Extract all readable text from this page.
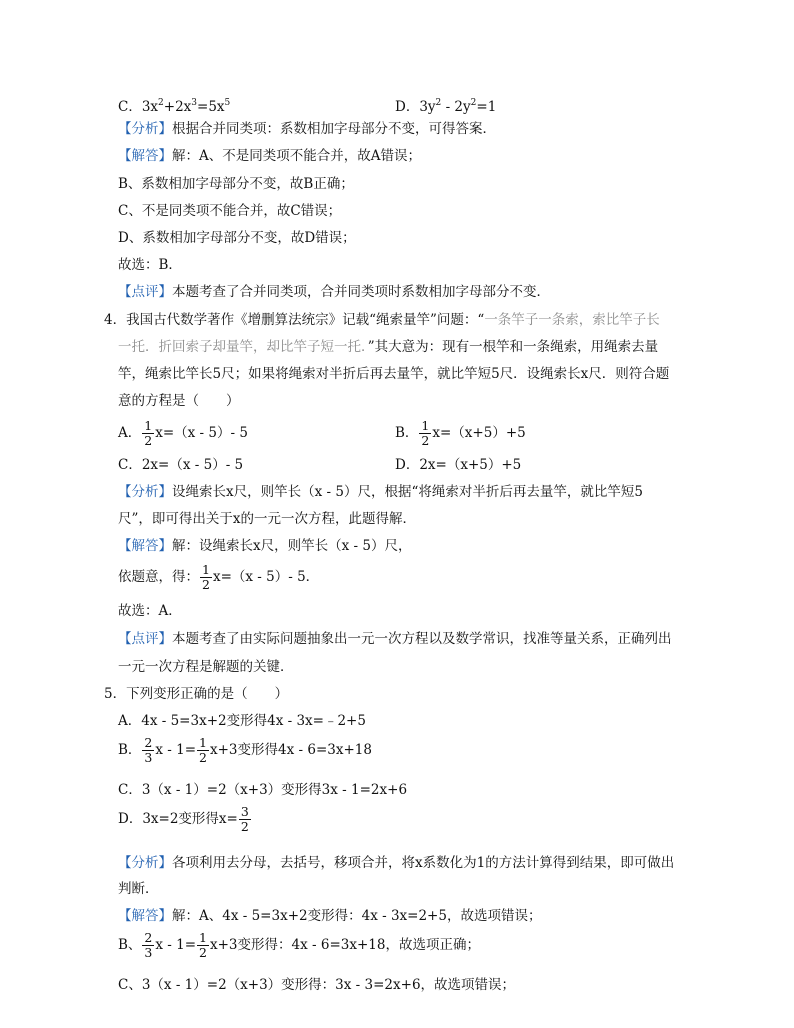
C．$3x^2+2x^3=5x^5$	D．$3y^2 - 2y^2=1$
【分析】根据合并同类项：系数相加字母部分不变，可得答案．
【解答】解：A、不是同类项不能合并，故A错误；
B、系数相加字母部分不变，故B正确；
C、不是同类项不能合并，故C错误；
D、系数相加字母部分不变，故D错误；
故选：B．
【点评】本题考查了合并同类项，合并同类项时系数相加字母部分不变．
4．我国古代数学著作《增删算法统宗》记载“绳索量竿”问题：“一条竿子一条索，索比竿子长
一托．折回索子却量竿，却比竿子短一托．”其大意为：现有一根竿和一条绳索，用绳索去量
竿，绳索比竿长5尺；如果将绳索对半折后再去量竿，就比竿短5尺．设绳索长x尺．则符合题
意的方程是（　　）
A． $\frac{1}{2} x=(x - 5)-$ 5	B． $\frac{1}{2} x=(x+5)+5$
C．2x=（x - 5）- 5	D．2x=（x+5）+5
【分析】设绳索长x尺，则竿长（x - 5）尺，根据“将绳索对半折后再去量竿，就比竿短5
尺”，即可得出关于x的一元一次方程，此题得解．
【解答】解：设绳索长x尺，则竿长（x - 5）尺，
依题意，得： $\frac{1}{2} x=(x - 5)-$ 5．
故选：A．
【点评】本题考查了由实际问题抽象出一元一次方程以及数学常识，找准等量关系，正确列出
一元一次方程是解题的关键．
5．下列变形正确的是（　　）
A．4x - 5=3x+2变形得4x - 3x=﹣2+5
B． $\frac{2}{3}$ $x - 1= \frac{1}{2} x+3$变形得4x - 6=3x+18
C．3（x - 1）=2（x+3）变形得3x - 1=2x+6
D．3x=2变形得$x= \frac{3}{2}$
【分析】各项利用去分母，去括号，移项合并，将x系数化为1的方法计算得到结果，即可做出
判断．
【解答】解：A、4x - 5=3x+2变形得：4x - 3x=2+5，故选项错误；
B、 $\frac{2}{3}$ $x - 1= \frac{1}{2} x+3$变形得：4x - 6=3x+18，故选项正确；
C、3（x - 1）=2（x+3）变形得：3x - 3=2x+6，故选项错误；
